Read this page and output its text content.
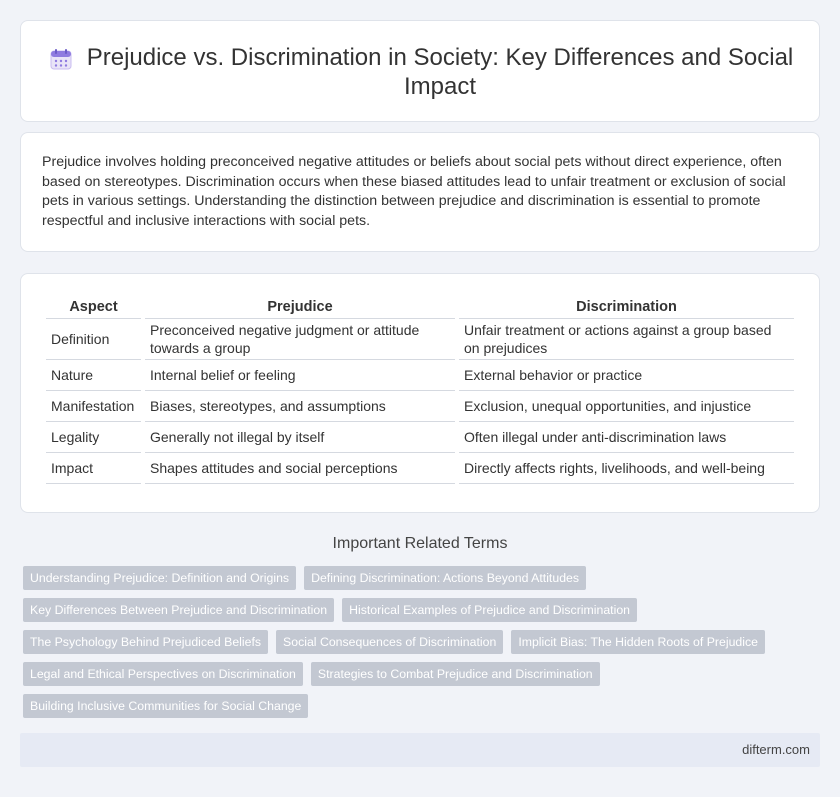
Prejudice vs. Discrimination in Society: Key Differences and Social Impact

Prejudice involves holding preconceived negative attitudes or beliefs about social pets without direct experience, often based on stereotypes. Discrimination occurs when these biased attitudes lead to unfair treatment or exclusion of social pets in various settings. Understanding the distinction between prejudice and discrimination is essential to promote respectful and inclusive interactions with social pets.

Aspect	Prejudice	Discrimination
Definition	Preconceived negative judgment or attitude towards a group	Unfair treatment or actions against a group based on prejudices
Nature	Internal belief or feeling	External behavior or practice
Manifestation	Biases, stereotypes, and assumptions	Exclusion, unequal opportunities, and injustice
Legality	Generally not illegal by itself	Often illegal under anti-discrimination laws
Impact	Shapes attitudes and social perceptions	Directly affects rights, livelihoods, and well-being
Important Related Terms
Understanding Prejudice: Definition and Origins	Defining Discrimination: Actions Beyond Attitudes
Key Differences Between Prejudice and Discrimination	Historical Examples of Prejudice and Discrimination
The Psychology Behind Prejudiced Beliefs	Social Consequences of Discrimination	Implicit Bias: The Hidden Roots of Prejudice
Legal and Ethical Perspectives on Discrimination	Strategies to Combat Prejudice and Discrimination
Building Inclusive Communities for Social Change
difterm.com
